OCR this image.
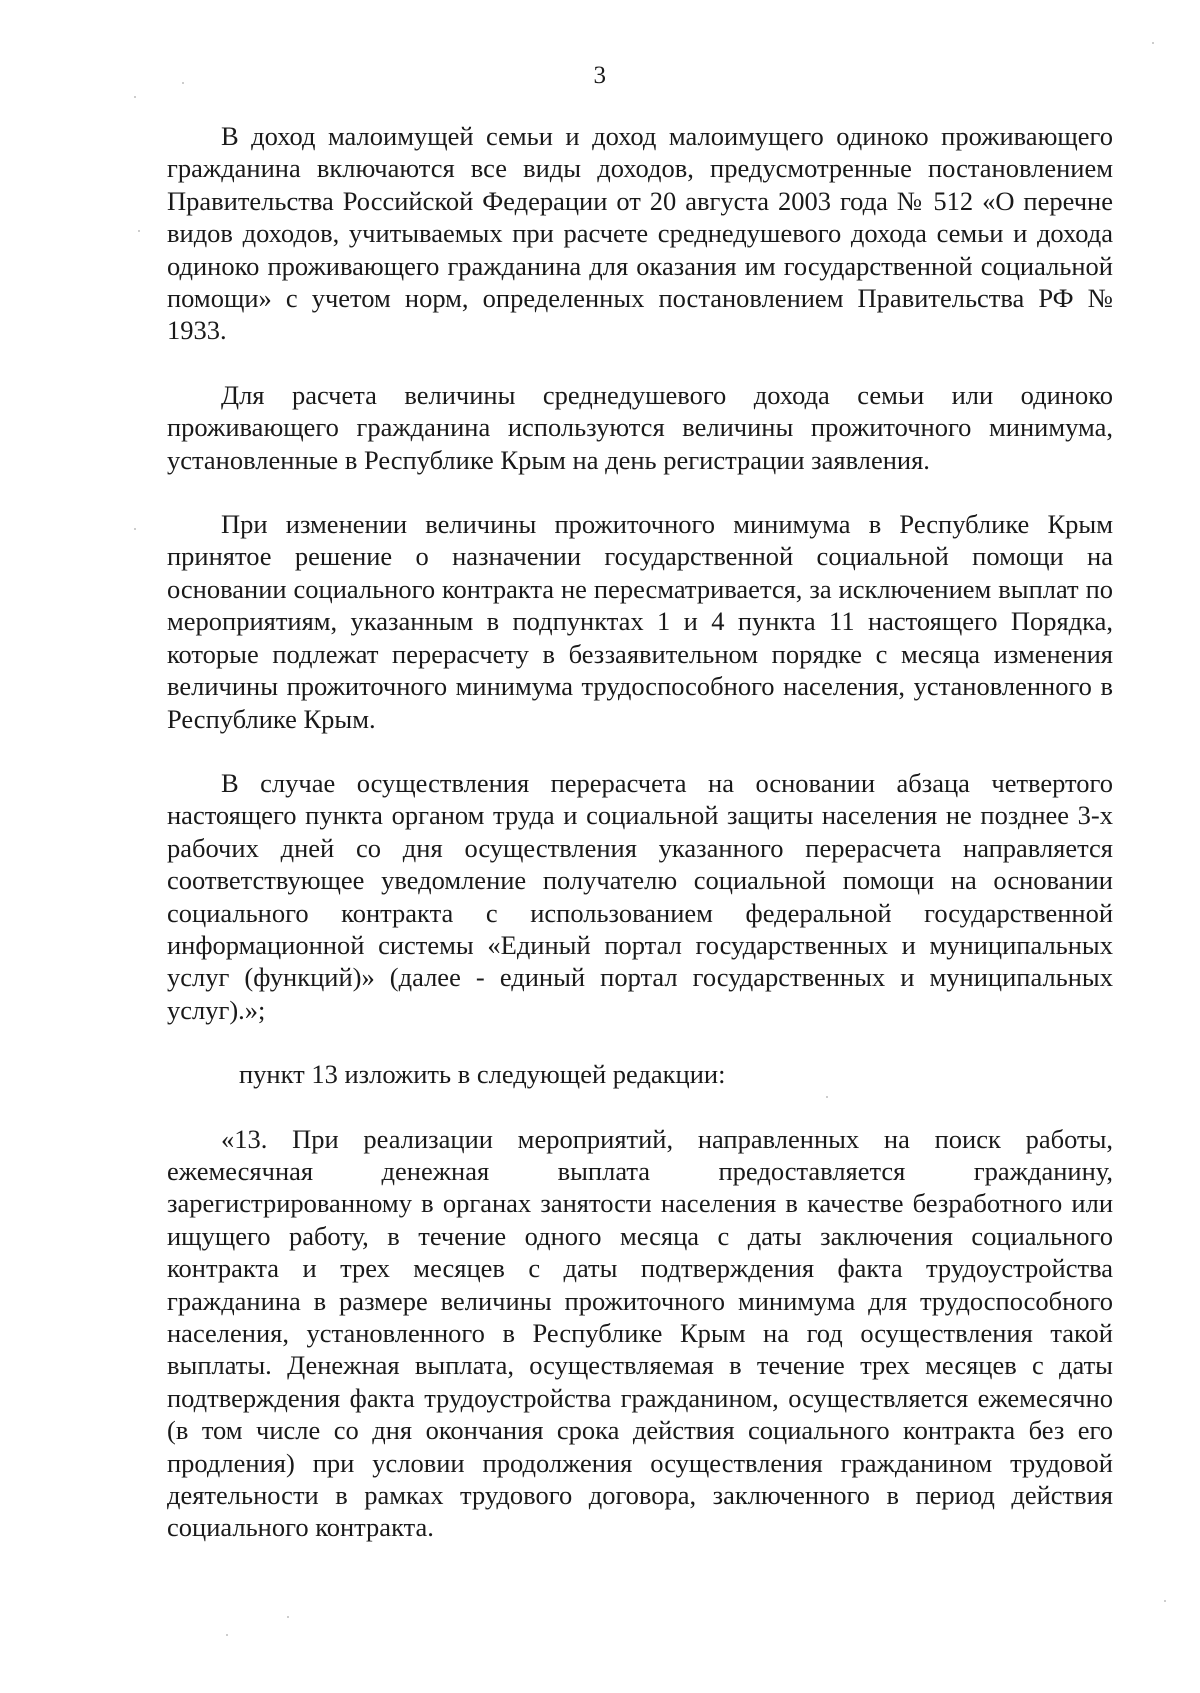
3

В доход малоимущей семьи и доход малоимущего одиноко проживающего гражданина включаются все виды доходов, предусмотренные постановлением Правительства Российской Федерации от 20 августа 2003 года № 512 «О перечне видов доходов, учитываемых при расчете среднедушевого дохода семьи и дохода одиноко проживающего гражданина для оказания им государственной социальной помощи» с учетом норм, определенных постановлением Правительства РФ № 1933.

Для расчета величины среднедушевого дохода семьи или одиноко проживающего гражданина используются величины прожиточного минимума, установленные в Республике Крым на день регистрации заявления.

При изменении величины прожиточного минимума в Республике Крым принятое решение о назначении государственной социальной помощи на основании социального контракта не пересматривается, за исключением выплат по мероприятиям, указанным в подпунктах 1 и 4 пункта 11 настоящего Порядка, которые подлежат перерасчету в беззаявительном порядке с месяца изменения величины прожиточного минимума трудоспособного населения, установленного в Республике Крым.

В случае осуществления перерасчета на основании абзаца четвертого настоящего пункта органом труда и социальной защиты населения не позднее 3-х рабочих дней со дня осуществления указанного перерасчета направляется соответствующее уведомление получателю социальной помощи на основании социального контракта с использованием федеральной государственной информационной системы «Единый портал государственных и муниципальных услуг (функций)» (далее - единый портал государственных и муниципальных услуг).»;

пункт 13 изложить в следующей редакции:

«13. При реализации мероприятий, направленных на поиск работы, ежемесячная денежная выплата предоставляется гражданину, зарегистрированному в органах занятости населения в качестве безработного или ищущего работу, в течение одного месяца с даты заключения социального контракта и трех месяцев с даты подтверждения факта трудоустройства гражданина в размере величины прожиточного минимума для трудоспособного населения, установленного в Республике Крым на год осуществления такой выплаты. Денежная выплата, осуществляемая в течение трех месяцев с даты подтверждения факта трудоустройства гражданином, осуществляется ежемесячно (в том числе со дня окончания срока действия социального контракта без его продления) при условии продолжения осуществления гражданином трудовой деятельности в рамках трудового договора, заключенного в период действия социального контракта.
